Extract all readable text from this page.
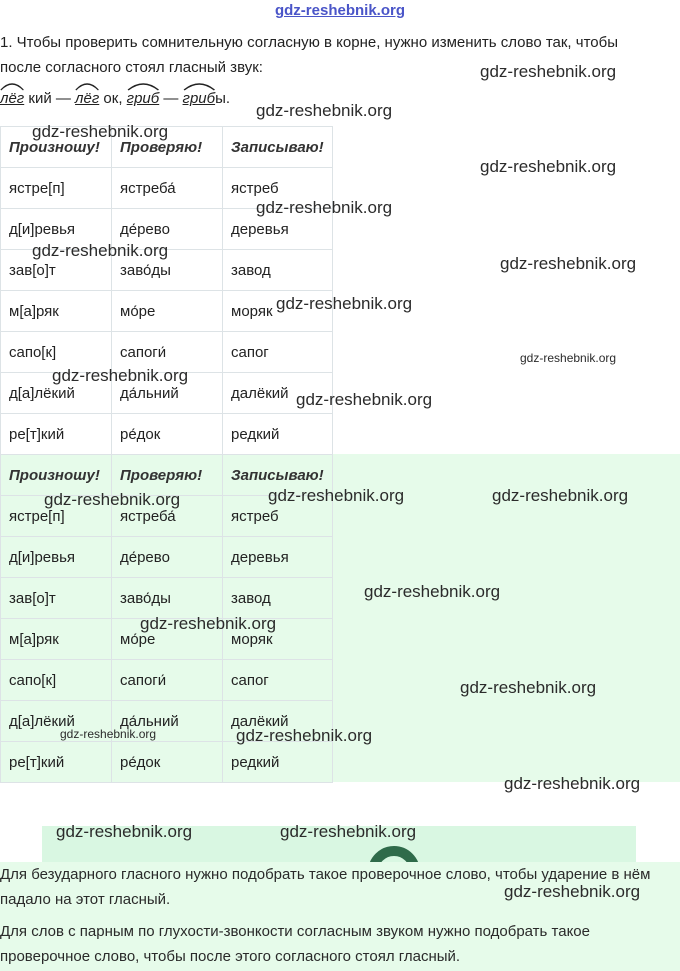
gdz-reshebnik.org
1. Чтобы проверить сомнительную согласную в корне, нужно изменить слово так, чтобы
после согласного стоял гласный звук:
лёг кий — лёг ок, гриб — грибы.
Произношу!	Проверяю!	Записываю!
ястре[п]	ястреба́	ястреб
д[и]ревья	де́рево	деревья
зав[о]т	заво́ды	завод
м[а]ряк	мо́ре	моряк
сапо[к]	сапоги́	сапог
д[а]лёкий	да́льний	далёкий
ре[т]кий	ре́док	редкий
Произношу!	Проверяю!	Записываю!
ястре[п]	ястреба́	ястреб
д[и]ревья	де́рево	деревья
зав[о]т	заво́ды	завод
м[а]ряк	мо́ре	моряк
сапо[к]	сапоги́	сапог
д[а]лёкий	да́льний	далёкий
ре[т]кий	ре́док	редкий

Для безударного гласного нужно подобрать такое проверочное слово, чтобы ударение в нём падало на этот гласный.

Для слов с парным по глухости-звонкости согласным звуком нужно подобрать такое проверочное слово, чтобы после этого согласного стоял гласный.

gdz-reshebnik.org
gdz-reshebnik.org
gdz-reshebnik.org
gdz-reshebnik.org
gdz-reshebnik.org
gdz-reshebnik.org
gdz-reshebnik.org
gdz-reshebnik.org
gdz-reshebnik.org
gdz-reshebnik.org
gdz-reshebnik.org
gdz-reshebnik.org	gdz-reshebnik.org	gdz-reshebnik.org
gdz-reshebnik.org
gdz-reshebnik.org
gdz-reshebnik.org
gdz-reshebnik.org	gdz-reshebnik.org
gdz-reshebnik.org
gdz-reshebnik.org	gdz-reshebnik.org
gdz-reshebnik.org
